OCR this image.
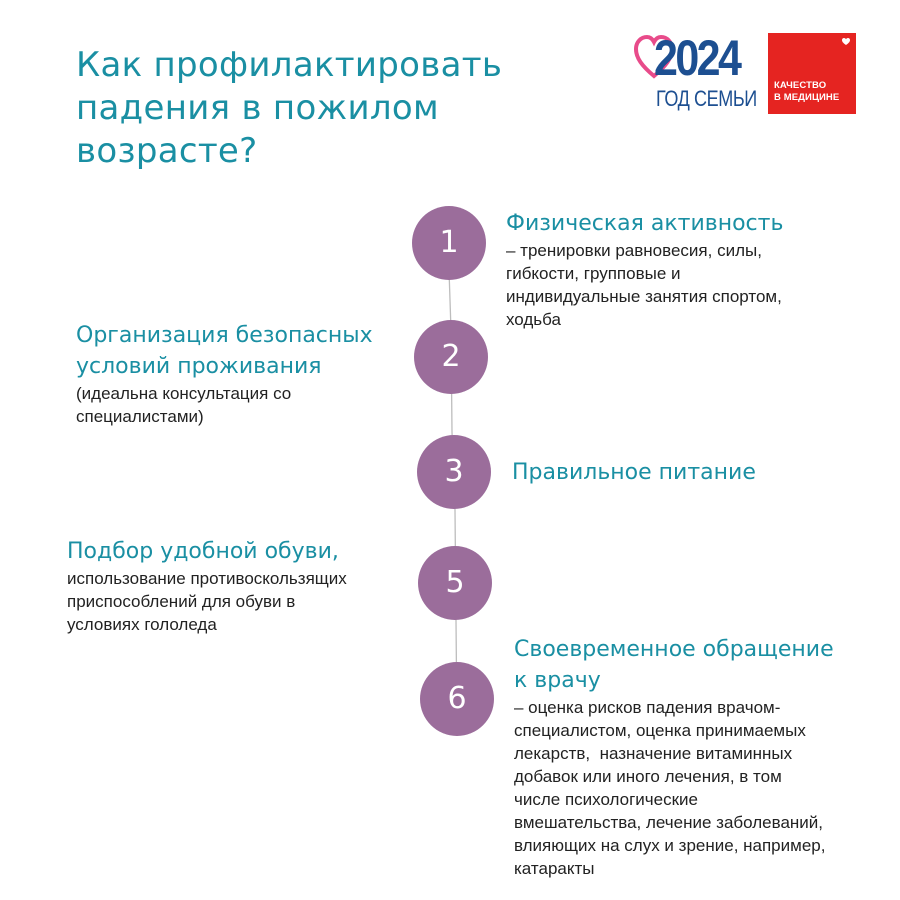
Как профилактировать падения в пожилом возрасте?
2024
ГОД СЕМЬИ
КАЧЕСТВО
В МЕДИЦИНЕ
1
2
3
5
6

Физическая активность

– тренировки равновесия, силы,
гибкости, групповые и
индивидуальные занятия спортом,
ходьба

Организация безопасных
условий проживания

(идеальна консультация со
специалистами)

Правильное питание

Подбор удобной обуви,

использование противоскользящих
приспособлений для обуви в
условиях гололеда

Своевременное обращение
к врачу

– оценка рисков падения врачом-
специалистом, оценка принимаемых
лекарств,  назначение витаминных
добавок или иного лечения, в том
числе психологические
вмешательства, лечение заболеваний,
влияющих на слух и зрение, например,
катаракты
